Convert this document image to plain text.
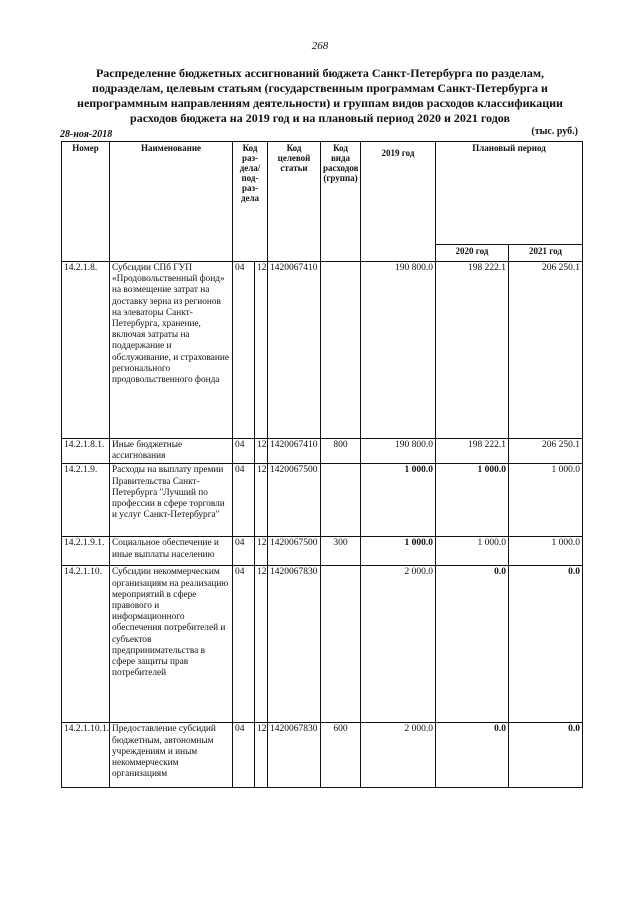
268
Распределение бюджетных ассигнований бюджета Санкт-Петербурга по разделам, подразделам, целевым статьям (государственным программам Санкт-Петербурга и непрограммным направлениям деятельности) и группам видов расходов классификации расходов бюджета на 2019 год и на плановый период 2020 и 2021 годов
28-ноя-2018	(тыс. руб.)
Номер	Наименование	Код раз- дела/ под- раз- дела		Код целевой статьи	Код вида расходов (группа)	2019 год	Плановый период	
							2020 год	2021 год
14.2.1.8.	Субсидии СПб ГУП «Продовольственный фонд» на возмещение затрат на доставку зерна из регионов на элеваторы Санкт-Петербурга, хранение, включая затраты на поддержание и обслуживание, и страхование регионального продовольственного фонда	04	12	1420067410		190 800.0	198 222.1	206 250.1
14.2.1.8.1.	Иные бюджетные ассигнования	04	12	1420067410	800	190 800.0	198 222.1	206 250.1
14.2.1.9.	Расходы на выплату премии Правительства Санкт-Петербурга "Лучший по профессии в сфере торговли и услуг Санкт-Петербурга"	04	12	1420067500		1 000.0	1 000.0	1 000.0
14.2.1.9.1.	Социальное обеспечение и иные выплаты населению	04	12	1420067500	300	1 000.0	1 000.0	1 000.0
14.2.1.10.	Субсидии некоммерческим организациям на реализацию мероприятий в сфере правового и информационного обеспечения потребителей и субъектов предпринимательства в сфере защиты прав потребителей	04	12	1420067830		2 000.0	0.0	0.0
14.2.1.10.1.	Предоставление субсидий бюджетным, автономным учреждениям и иным некоммерческим организациям	04	12	1420067830	600	2 000.0	0.0	0.0
